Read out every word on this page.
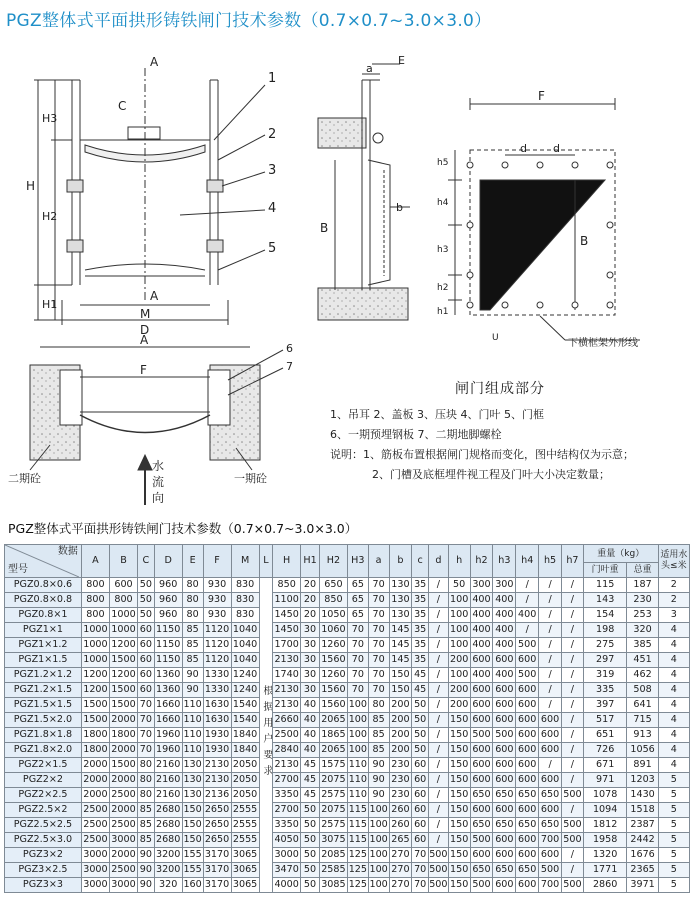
PGZ整体式平面拱形铸铁闸门技术参数（0.7×0.7~3.0×3.0）
A
C
H3
H
H2
H1
A
M
D
1
2
3
4
5
A
F
6
7
二期砼	一期砼
水
流
向
a
E
b
B
F
d d
h5
h4
h3
h2
h1
B
U	下横框架外形线
闸门组成部分
1、吊耳 2、盖板 3、压块 4、门叶 5、门框
6、一期预埋钢板 7、二期地脚螺栓
说明：1、筋板布置根据闸门规格而变化，图中结构仅为示意；
2、门槽及底框埋件视工程及门叶大小决定数量；
PGZ整体式平面拱形铸铁闸门技术参数（0.7×0.7~3.0×3.0）
数据
型号	A	B	C	D	E	F	M	L	H	H1	H2	H3	a	b	c	d	h	h2	h3	h4	h5	h7	重量（kg）		适用水头≤米
																							门叶重	总重	
PGZ0.8×0.6	800	600	50	960	80	930	830	根据用户要求	850	20	650	65	70	130	35	/	50	300	300	/	/	/	115	187	2
PGZ0.8×0.8	800	800	50	960	80	930	830		1100	20	850	65	70	130	35	/	100	400	400	/	/	/	143	230	2
PGZ0.8×1	800	1000	50	960	80	930	830		1450	20	1050	65	70	130	35	/	100	400	400	400	/	/	154	253	3
PGZ1×1	1000	1000	60	1150	85	1120	1040		1450	30	1060	70	70	145	35	/	100	400	400	/	/	/	198	320	4
PGZ1×1.2	1000	1200	60	1150	85	1120	1040		1700	30	1260	70	70	145	35	/	100	400	400	500	/	/	275	385	4
PGZ1×1.5	1000	1500	60	1150	85	1120	1040		2130	30	1560	70	70	145	35	/	200	600	600	600	/	/	297	451	4
PGZ1.2×1.2	1200	1200	60	1360	90	1330	1240		1740	30	1260	70	70	150	45	/	100	400	400	500	/	/	319	462	4
PGZ1.2×1.5	1200	1500	60	1360	90	1330	1240		2130	30	1560	70	70	150	45	/	200	600	600	600	/	/	335	508	4
PGZ1.5×1.5	1500	1500	70	1660	110	1630	1540		2130	40	1560	100	80	200	50	/	200	600	600	600	/	/	397	641	4
PGZ1.5×2.0	1500	2000	70	1660	110	1630	1540		2660	40	2065	100	85	200	50	/	150	600	600	600	600	/	517	715	4
PGZ1.8×1.8	1800	1800	70	1960	110	1930	1840		2500	40	1865	100	85	200	50	/	150	500	500	600	600	/	651	913	4
PGZ1.8×2.0	1800	2000	70	1960	110	1930	1840		2840	40	2065	100	85	200	50	/	150	600	600	600	600	/	726	1056	4
PGZ2×1.5	2000	1500	80	2160	130	2130	2050		2130	45	1575	110	90	230	60	/	150	600	600	600	/	/	671	891	4
PGZ2×2	2000	2000	80	2160	130	2130	2050		2700	45	2075	110	90	230	60	/	150	600	600	600	600	/	971	1203	5
PGZ2×2.5	2000	2500	80	2160	130	2136	2050		3350	45	2575	110	90	230	60	/	150	650	650	650	650	500	1078	1430	5
PGZ2.5×2	2500	2000	85	2680	150	2650	2555		2700	50	2075	115	100	260	60	/	150	600	600	600	600	/	1094	1518	5
PGZ2.5×2.5	2500	2500	85	2680	150	2650	2555		3350	50	2575	115	100	260	60	/	150	650	650	650	650	500	1812	2387	5
PGZ2.5×3.0	2500	3000	85	2680	150	2650	2555		4050	50	3075	115	100	265	60	/	150	500	600	600	700	500	1958	2442	5
PGZ3×2	3000	2000	90	3200	155	3170	3065		3000	50	2085	125	100	270	70	500	150	600	600	600	600	/	1320	1676	5
PGZ3×2.5	3000	2500	90	3200	155	3170	3065		3470	50	2585	125	100	270	70	500	150	650	650	650	500	/	1771	2365	5
PGZ3×3	3000	3000	90	320	160	3170	3065		4000	50	3085	125	100	270	70	500	150	500	600	600	700	500	2860	3971	5
